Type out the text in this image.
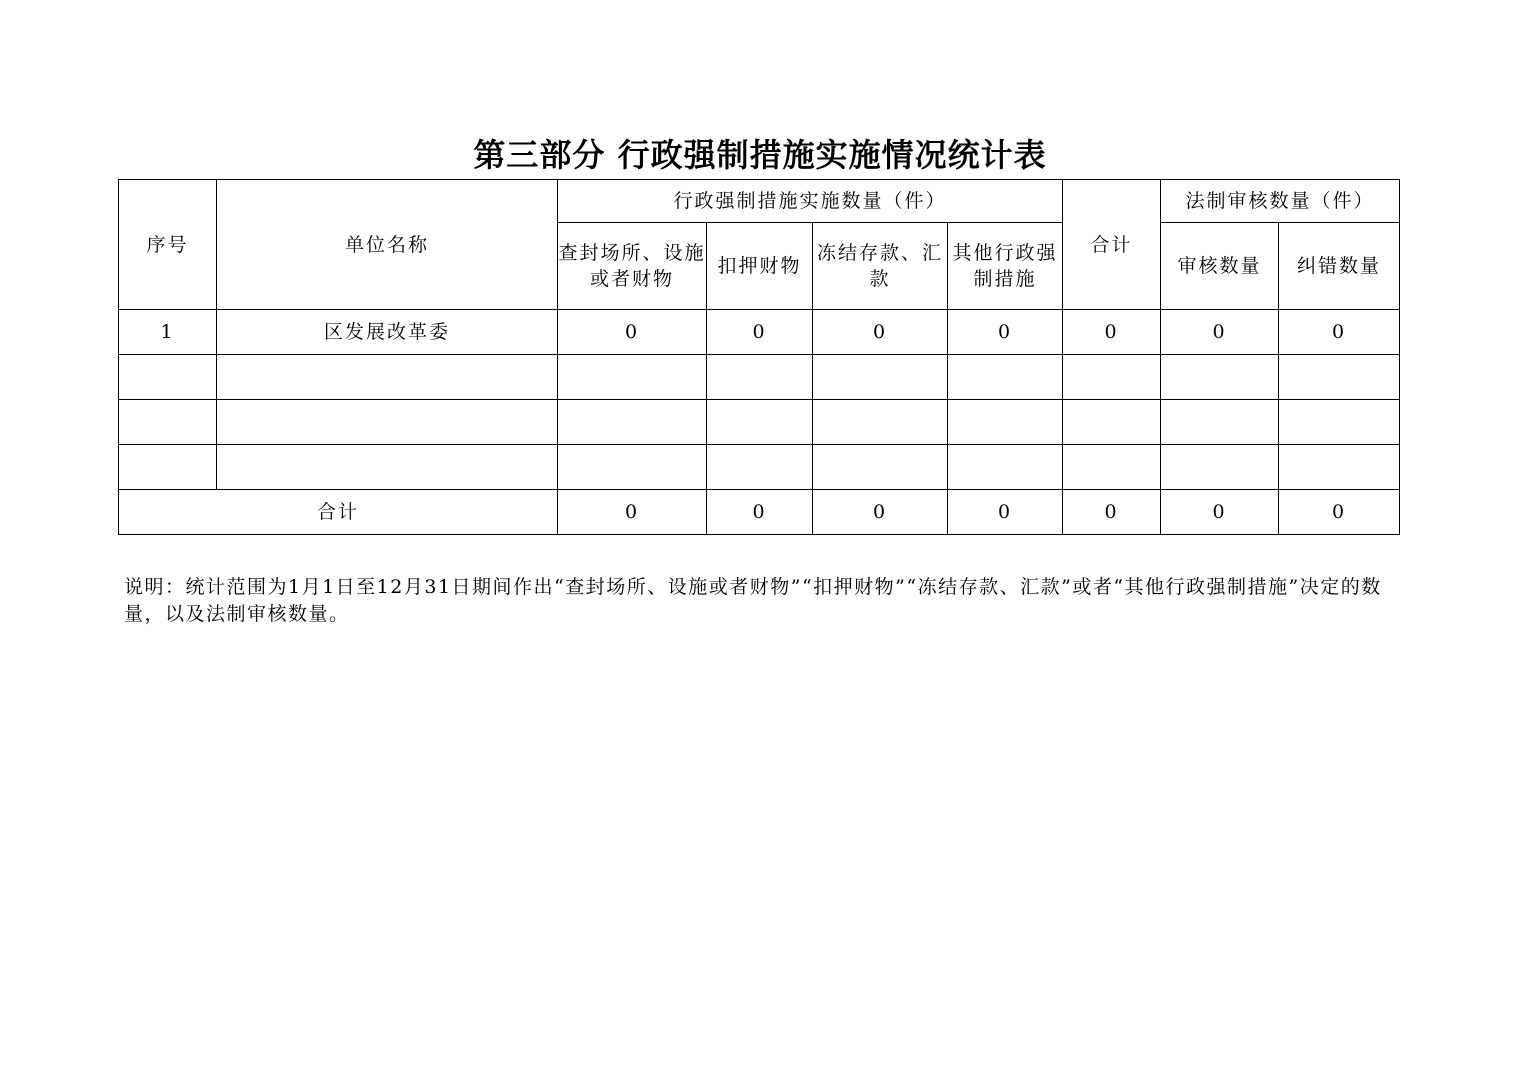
第三部分 行政强制措施实施情况统计表
序号	单位名称	行政强制措施实施数量（件）				合计	法制审核数量（件）	
		查封场所、设施或者财物	扣押财物	冻结存款、汇款	其他行政强制措施		审核数量	纠错数量
1	区发展改革委	0	0	0	0	0	0	0

合计		0	0	0	0	0	0	0
说明：统计范围为1月1日至12月31日期间作出“查封场所、设施或者财物”“扣押财物”“冻结存款、汇款”或者“其他行政强制措施”决定的数量，以及法制审核数量。
